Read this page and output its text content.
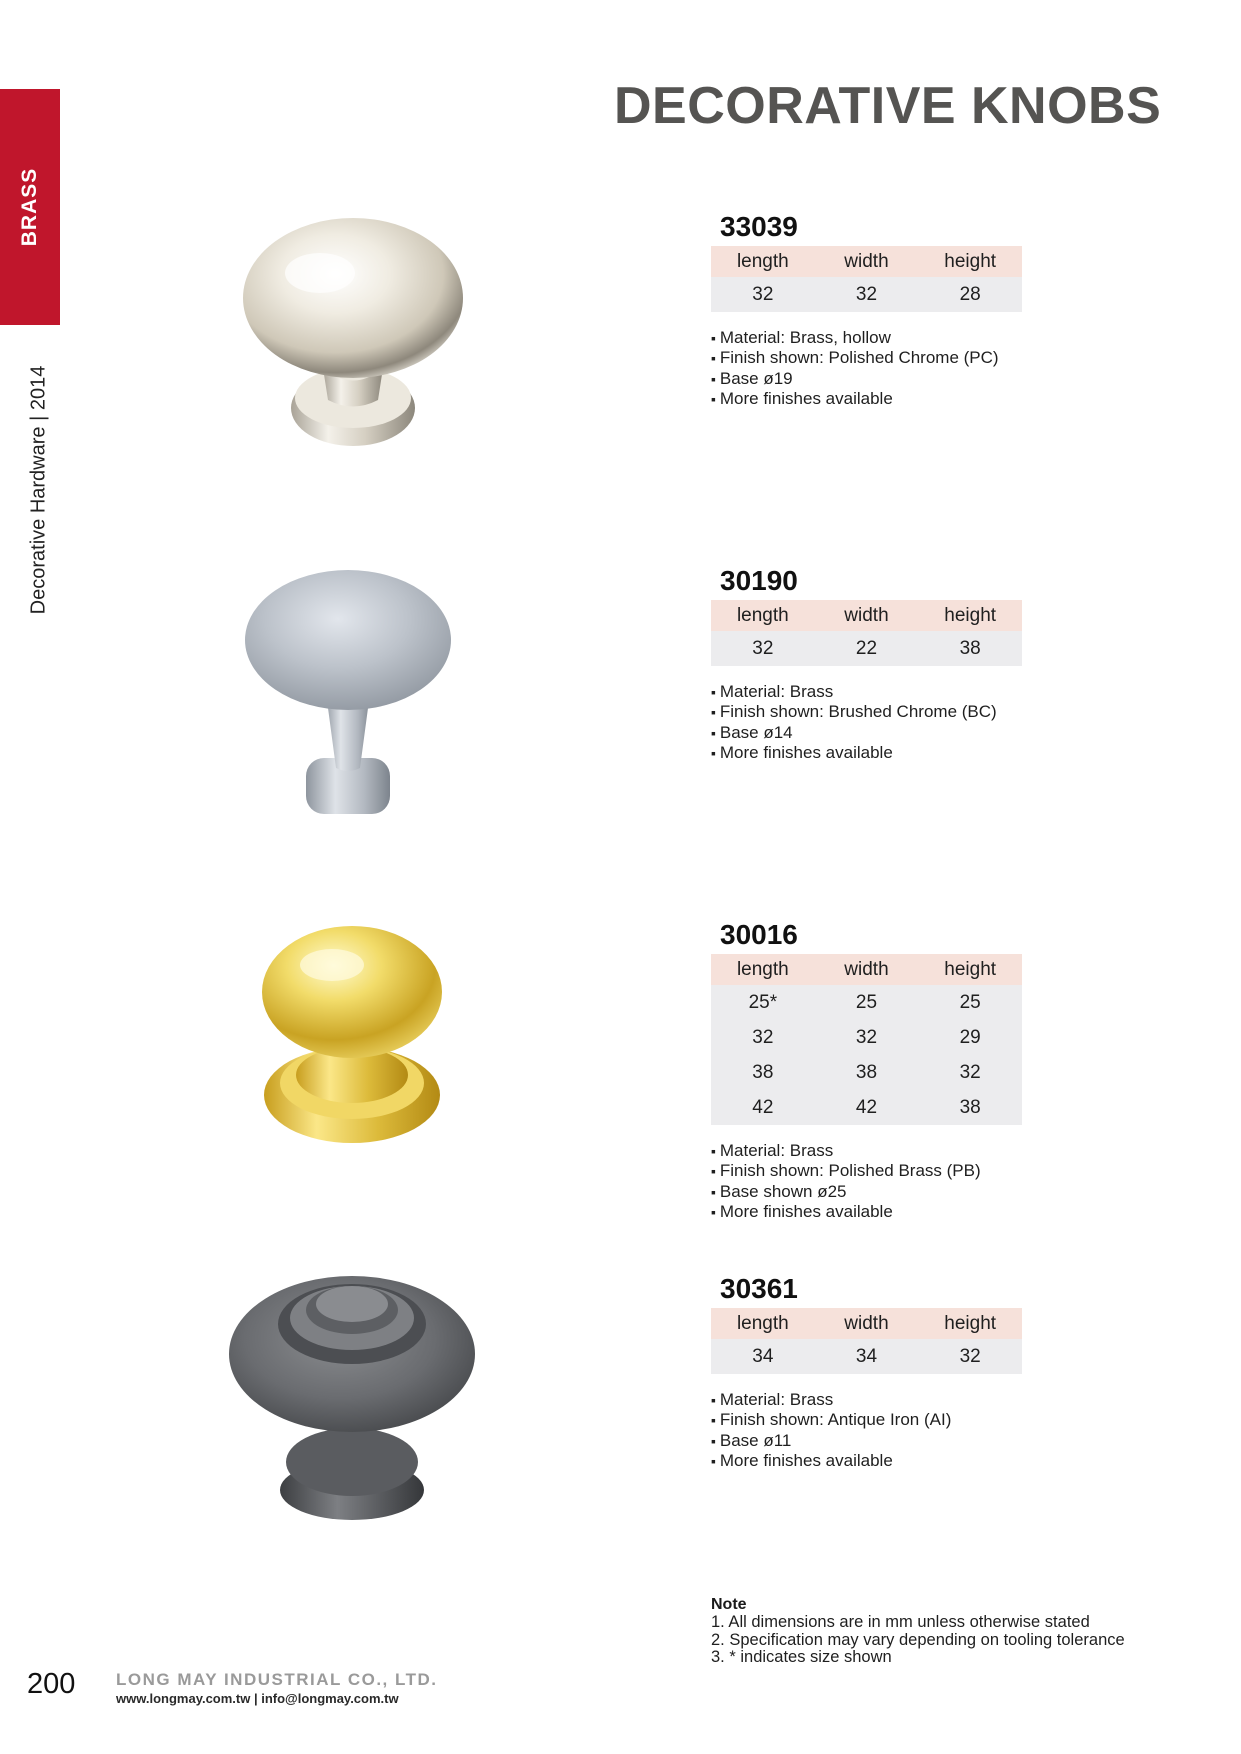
BRASS
Decorative Hardware | 2014
DECORATIVE KNOBS
33039
length	width	height
32	32	28
▪ Material: Brass, hollow
▪ Finish shown: Polished Chrome (PC)
▪ Base ø19
▪ More finishes available
30190
length	width	height
32	22	38
▪ Material: Brass
▪ Finish shown: Brushed Chrome (BC)
▪ Base ø14
▪ More finishes available
30016
length	width	height
25*	25	25
32	32	29
38	38	32
42	42	38
▪ Material: Brass
▪ Finish shown: Polished Brass (PB)
▪ Base shown ø25
▪ More finishes available
30361
length	width	height
34	34	32
▪ Material: Brass
▪ Finish shown: Antique Iron (AI)
▪ Base ø11
▪ More finishes available
Note
1. All dimensions are in mm unless otherwise stated
2. Specification may vary depending on tooling tolerance
3. * indicates size shown
200 LONG MAY INDUSTRIAL CO., LTD.
www.longmay.com.tw | info@longmay.com.tw
